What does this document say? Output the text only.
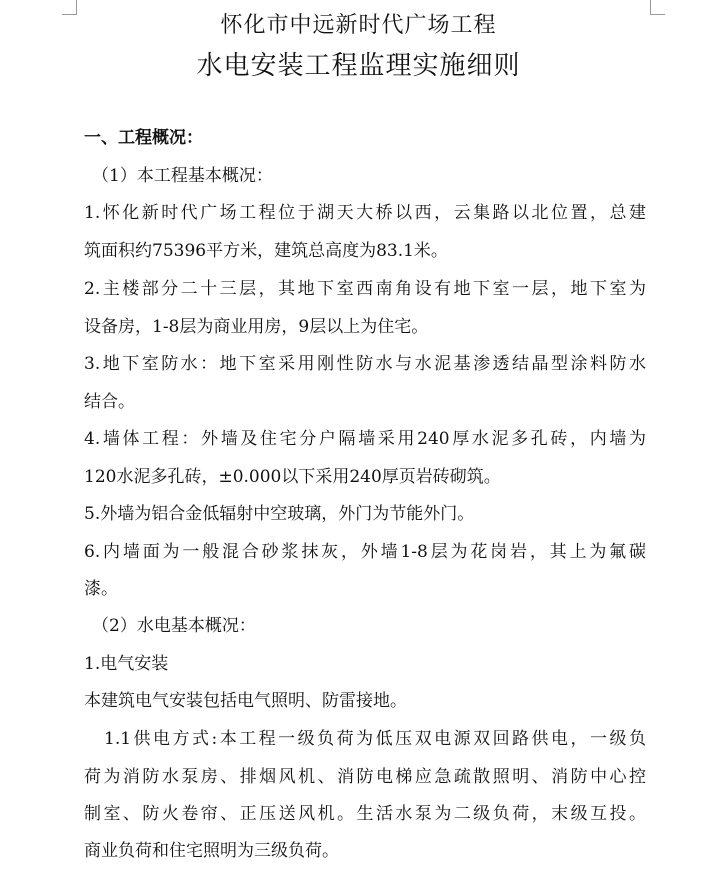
怀化市中远新时代广场工程
水电安装工程监理实施细则
一、工程概况：
（1）本工程基本概况：
1.怀化新时代广场工程位于湖天大桥以西，云集路以北位置，总建
筑面积约75396平方米，建筑总高度为83.1米。
2.主楼部分二十三层，其地下室西南角设有地下室一层，地下室为
设备房，1-8层为商业用房，9层以上为住宅。
3.地下室防水：地下室采用刚性防水与水泥基渗透结晶型涂料防水
结合。
4.墙体工程：外墙及住宅分户隔墙采用240厚水泥多孔砖，内墙为
120水泥多孔砖，±0.000以下采用240厚页岩砖砌筑。
5.外墙为铝合金低辐射中空玻璃，外门为节能外门。
6.内墙面为一般混合砂浆抹灰，外墙1-8层为花岗岩，其上为氟碳
漆。
（2）水电基本概况：
1.电气安装
本建筑电气安装包括电气照明、防雷接地。
1.1供电方式:本工程一级负荷为低压双电源双回路供电，一级负
荷为消防水泵房、排烟风机、消防电梯应急疏散照明、消防中心控
制室、防火卷帘、正压送风机。生活水泵为二级负荷，末级互投。
商业负荷和住宅照明为三级负荷。
